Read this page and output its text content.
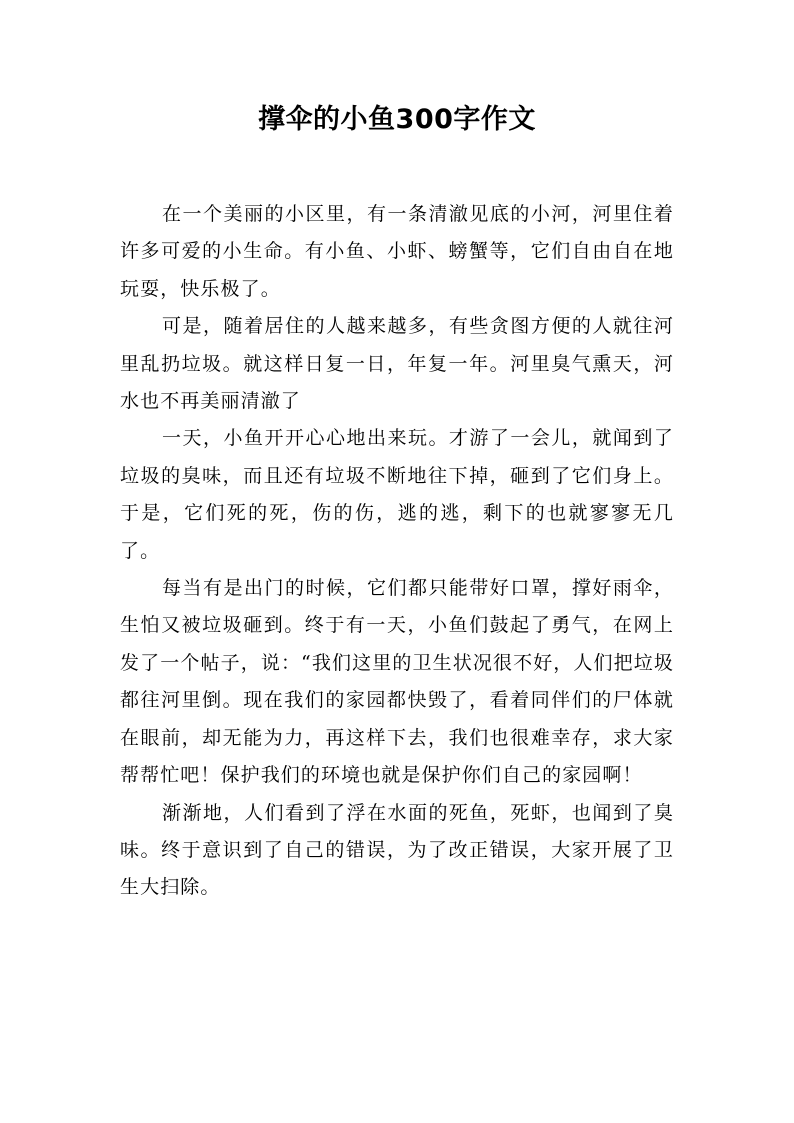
撑伞的小鱼300字作文

在一个美丽的小区里，有一条清澈见底的小河，河里住着许多可爱的小生命。有小鱼、小虾、螃蟹等，它们自由自在地玩耍，快乐极了。

可是，随着居住的人越来越多，有些贪图方便的人就往河里乱扔垃圾。就这样日复一日，年复一年。河里臭气熏天，河水也不再美丽清澈了

一天，小鱼开开心心地出来玩。才游了一会儿，就闻到了垃圾的臭味，而且还有垃圾不断地往下掉，砸到了它们身上。于是，它们死的死，伤的伤，逃的逃，剩下的也就寥寥无几了。

每当有是出门的时候，它们都只能带好口罩，撑好雨伞，生怕又被垃圾砸到。终于有一天，小鱼们鼓起了勇气，在网上发了一个帖子，说：“我们这里的卫生状况很不好，人们把垃圾都往河里倒。现在我们的家园都快毁了，看着同伴们的尸体就在眼前，却无能为力，再这样下去，我们也很难幸存，求大家帮帮忙吧！保护我们的环境也就是保护你们自己的家园啊！

渐渐地，人们看到了浮在水面的死鱼，死虾，也闻到了臭味。终于意识到了自己的错误，为了改正错误，大家开展了卫生大扫除。
